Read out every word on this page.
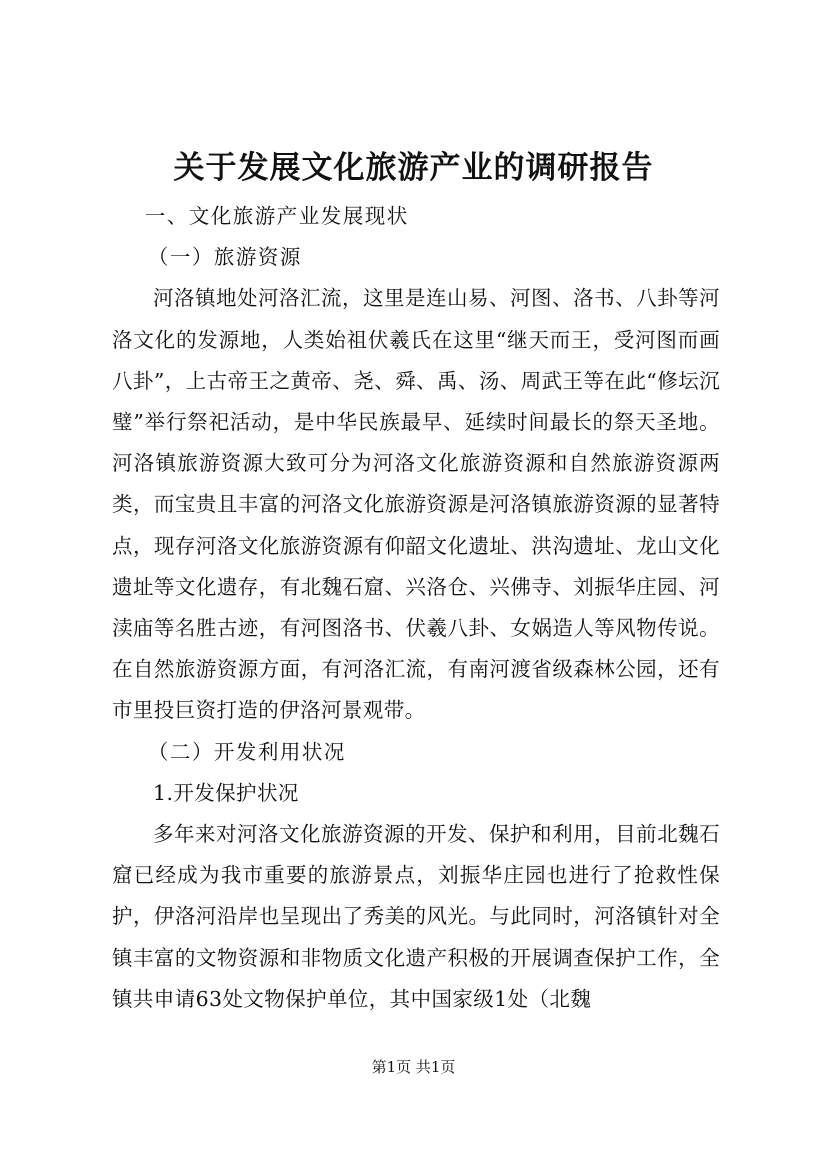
关于发展文化旅游产业的调研报告

一、文化旅游产业发展现状

（一）旅游资源

河洛镇地处河洛汇流，这里是连山易、河图、洛书、八卦等河洛文化的发源地，人类始祖伏羲氏在这里“继天而王，受河图而画八卦”，上古帝王之黄帝、尧、舜、禹、汤、周武王等在此“修坛沉璧”举行祭祀活动，是中华民族最早、延续时间最长的祭天圣地。河洛镇旅游资源大致可分为河洛文化旅游资源和自然旅游资源两类，而宝贵且丰富的河洛文化旅游资源是河洛镇旅游资源的显著特点，现存河洛文化旅游资源有仰韶文化遗址、洪沟遗址、龙山文化遗址等文化遗存，有北魏石窟、兴洛仓、兴佛寺、刘振华庄园、河渎庙等名胜古迹，有河图洛书、伏羲八卦、女娲造人等风物传说。在自然旅游资源方面，有河洛汇流，有南河渡省级森林公园，还有市里投巨资打造的伊洛河景观带。

（二）开发利用状况

1.开发保护状况

多年来对河洛文化旅游资源的开发、保护和利用，目前北魏石窟已经成为我市重要的旅游景点，刘振华庄园也进行了抢救性保护，伊洛河沿岸也呈现出了秀美的风光。与此同时，河洛镇针对全镇丰富的文物资源和非物质文化遗产积极的开展调查保护工作，全镇共申请63处文物保护单位，其中国家级1处（北魏

第1页 共1页
